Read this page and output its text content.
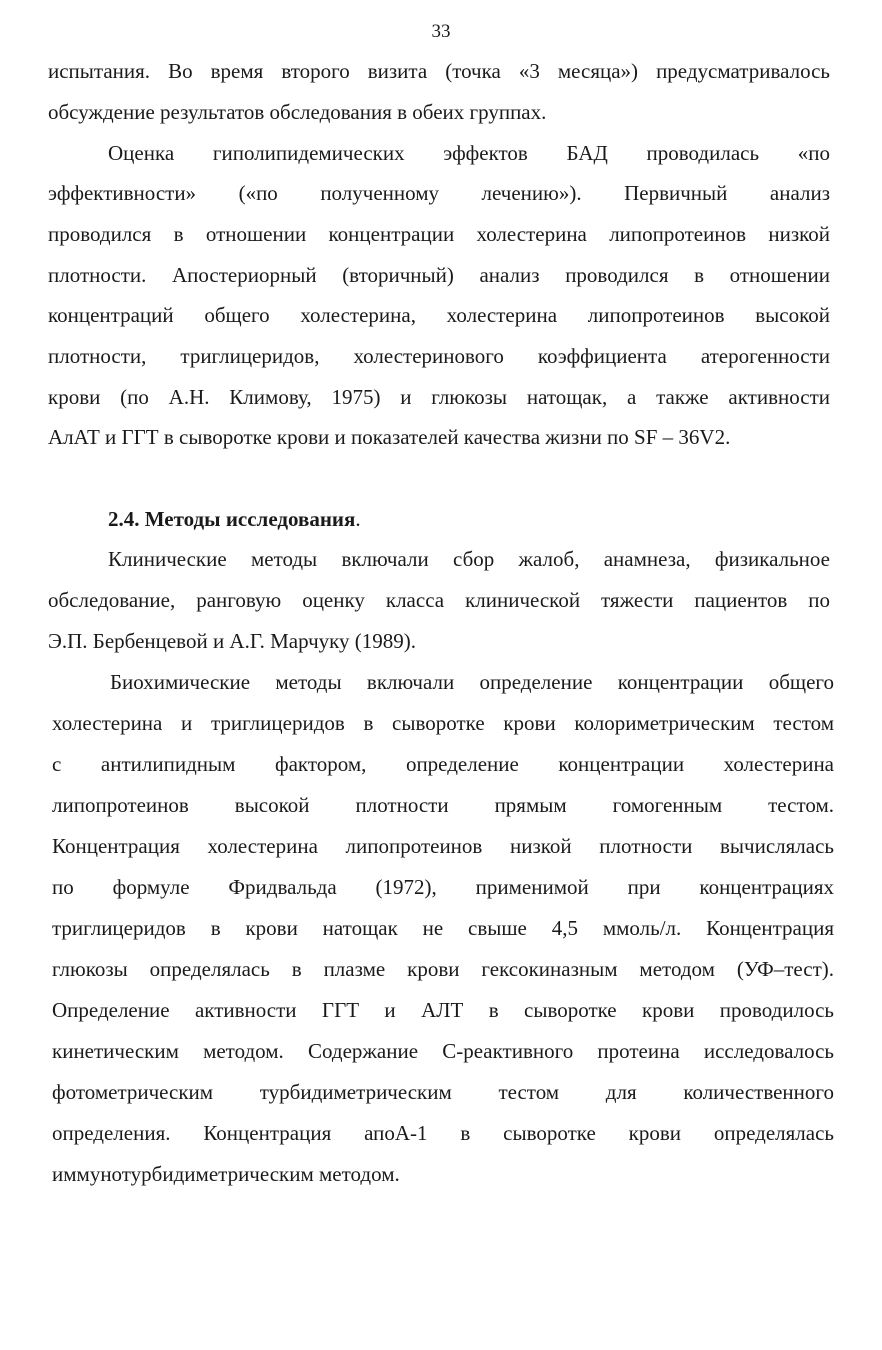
33
испытания. Во время второго визита (точка «3 месяца») предусматривалось
обсуждение результатов обследования в обеих группах.
Оценка гиполипидемических эффектов БАД проводилась «по
эффективности» («по полученному лечению»). Первичный анализ
проводился в отношении концентрации холестерина липопротеинов низкой
плотности. Апостериорный (вторичный) анализ проводился в отношении
концентраций общего холестерина, холестерина липопротеинов высокой
плотности, триглицеридов, холестеринового коэффициента атерогенности
крови (по А.Н. Климову, 1975) и глюкозы натощак, а также активности
АлАТ и ГГТ в сыворотке крови и показателей качества жизни по SF – 36V2.
2.4. Методы исследования.
Клинические методы включали сбор жалоб, анамнеза, физикальное
обследование, ранговую оценку класса клинической тяжести пациентов по
Э.П. Бербенцевой и А.Г. Марчуку (1989).
Биохимические методы включали определение концентрации общего
холестерина и триглицеридов в сыворотке крови колориметрическим тестом
с антилипидным фактором, определение концентрации холестерина
липопротеинов высокой плотности прямым гомогенным тестом.
Концентрация холестерина липопротеинов низкой плотности вычислялась
по формуле Фридвальда (1972), применимой при концентрациях
триглицеридов в крови натощак не свыше 4,5 ммоль/л. Концентрация
глюкозы определялась в плазме крови гексокиназным методом (УФ–тест).
Определение активности ГГТ и АЛТ в сыворотке крови проводилось
кинетическим методом. Содержание С-реактивного протеина исследовалось
фотометрическим турбидиметрическим тестом для количественного
определения. Концентрация апоА-1 в сыворотке крови определялась
иммунотурбидиметрическим методом.
